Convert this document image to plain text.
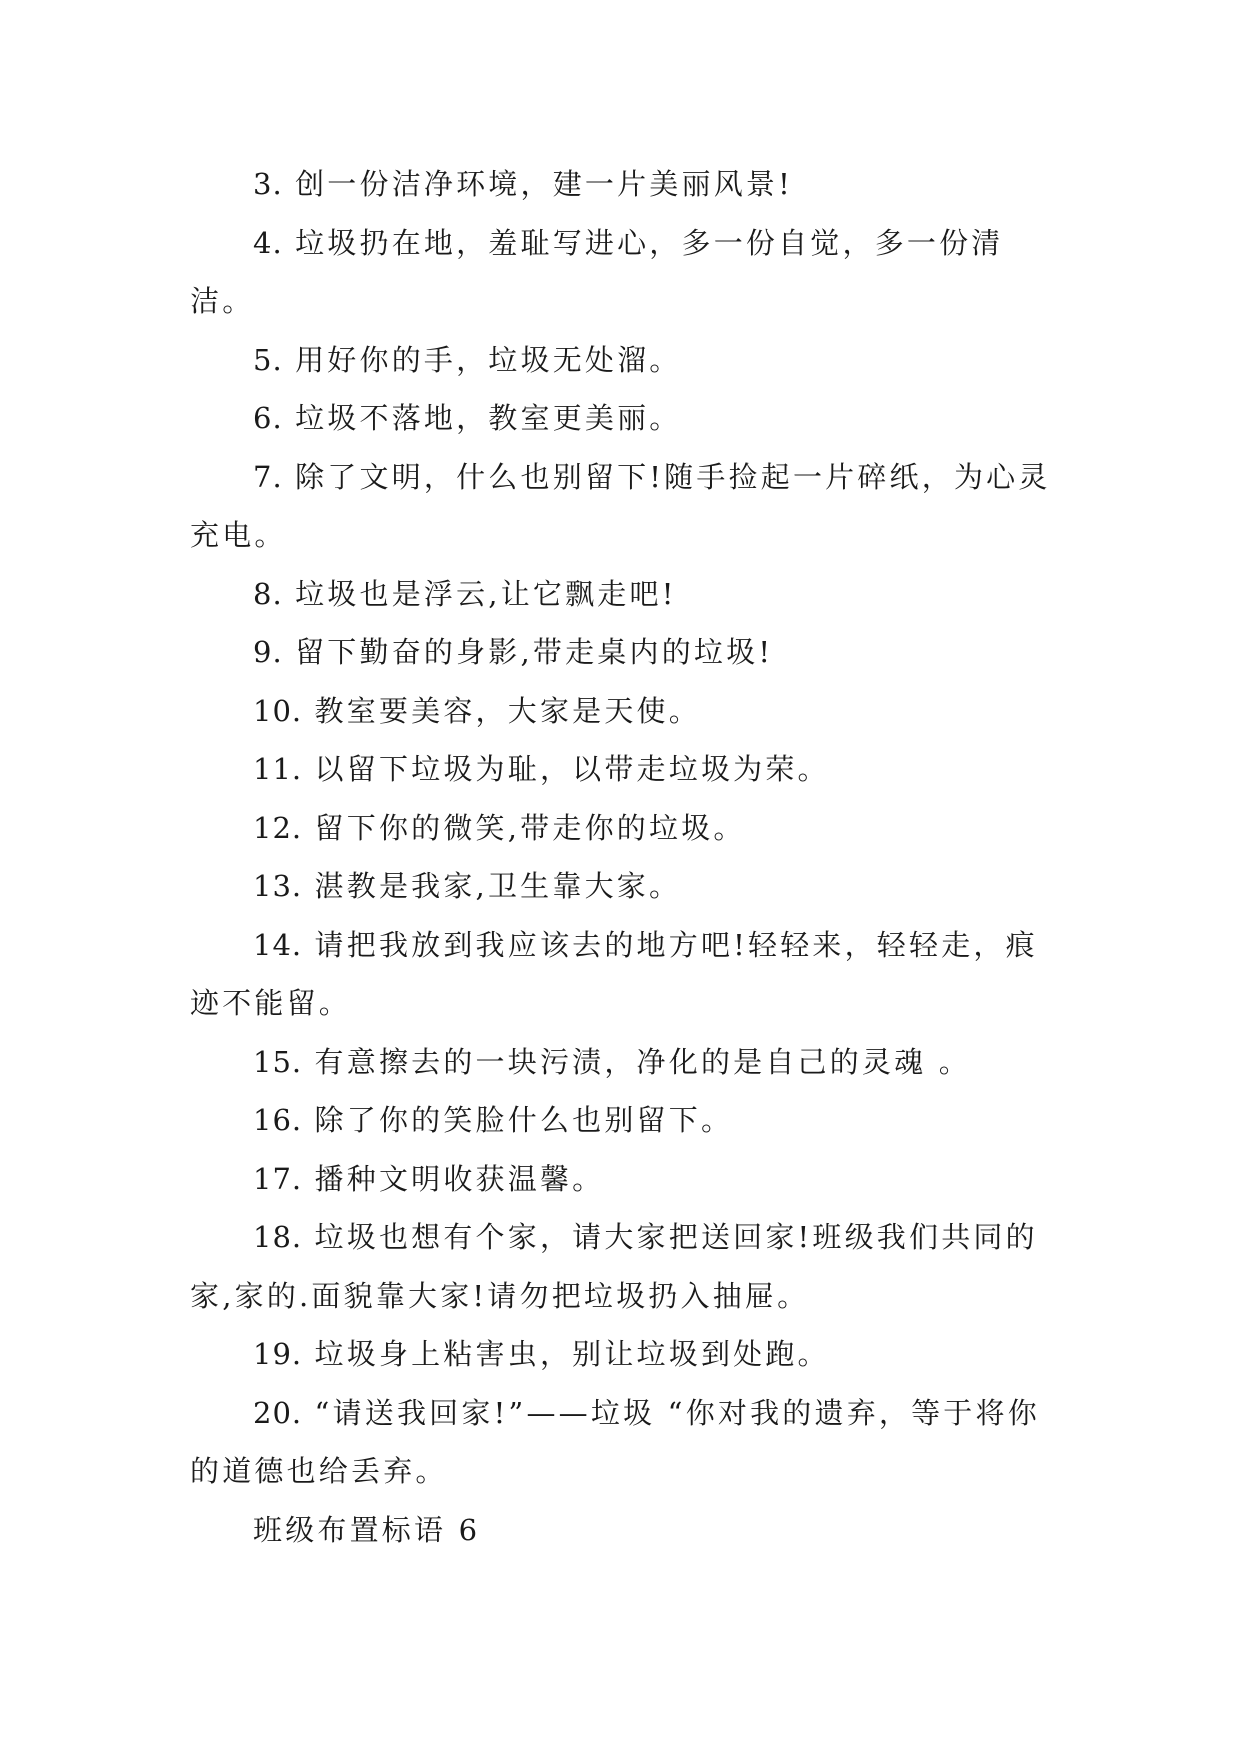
3. 创一份洁净环境，建一片美丽风景!

4. 垃圾扔在地，羞耻写进心，多一份自觉，多一份清洁。

5. 用好你的手，垃圾无处溜。

6. 垃圾不落地，教室更美丽。

7. 除了文明，什么也别留下!随手捡起一片碎纸，为心灵充电。

8. 垃圾也是浮云,让它飘走吧!

9. 留下勤奋的身影,带走桌内的垃圾!

10. 教室要美容，大家是天使。

11. 以留下垃圾为耻，以带走垃圾为荣。

12. 留下你的微笑,带走你的垃圾。

13. 湛教是我家,卫生靠大家。

14. 请把我放到我应该去的地方吧!轻轻来，轻轻走，痕迹不能留。

15. 有意擦去的一块污渍，净化的是自己的灵魂 。

16. 除了你的笑脸什么也别留下。

17. 播种文明收获温馨。

18. 垃圾也想有个家，请大家把送回家!班级我们共同的家,家的.面貌靠大家!请勿把垃圾扔入抽屉。

19. 垃圾身上粘害虫，别让垃圾到处跑。

20. “请送我回家!”——垃圾 “你对我的遗弃，等于将你的道德也给丢弃。

班级布置标语 6
